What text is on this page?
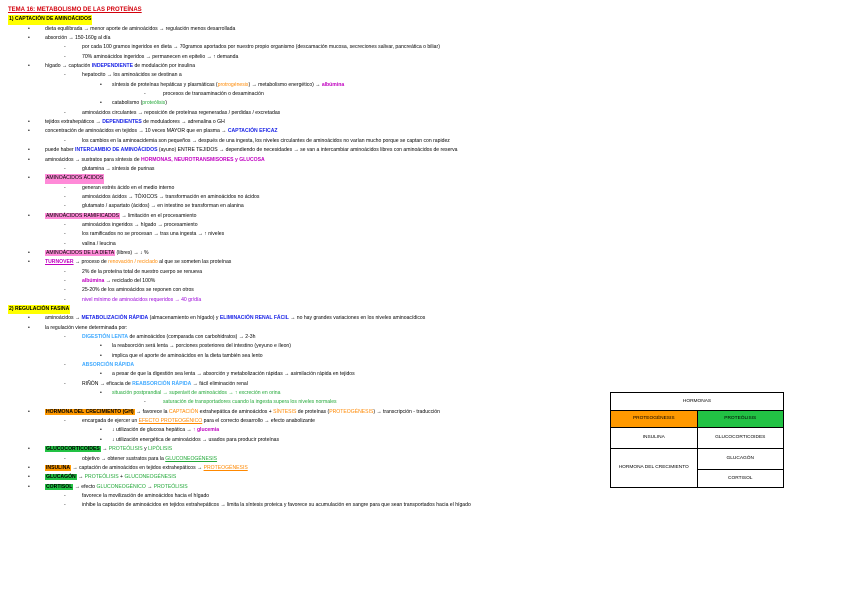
TEMA 16: METABOLISMO DE LAS PROTEÍNAS
1) CAPTACIÓN DE AMINOÁCIDOS
•	dieta equilibrada → menor aporte de aminoácidos → regulación menos desarrollada
•	absorción → 150-160g al día
-	por cada 100 gramos ingeridos en dieta → 70gramos aportados por nuestro propio organismo (descamación mucosa, secreciones salivar, pancreática o biliar)
-	70% aminoácidos ingeridos → permanecen en epitelio → ↑ demanda
•	hígado → captación INDEPENDIENTE de modulación por insulina
-	hepatocito → los aminoácidos se destinan a
• síntesis de proteínas hepáticas y plasmáticas (protrogénesis) → metabolismo energético) → albúmina
-	procesos de transaminación o desaminación
• catabolismo (proteólisis)
-	aminoácidos circulantes → reposición de proteínas regeneradas / perdidas / excretadas
•	tejidos extrahepáticos → DEPENDIENTES de moduladores → adrenalina o GH
•	concentración de aminoácidos en tejidos → 10 veces MAYOR que en plasma → CAPTACIÓN EFICAZ
-	los cambios en la aminoacidemia son pequeños → después de una ingesta, los niveles circulantes de aminoácidos no varían mucho porque se captan con rapidez
•	puede haber INTERCAMBIO DE AMINOÁCIDOS (ayuno) ENTRE TEJIDOS → dependiendo de necesidades → se van a intercambiar aminoácidos libres con aminoácidos de reserva
•	aminoácidos → sustratos para síntesis de HORMONAS, NEUROTRANSMISORES y GLUCOSA
-	glutamina → síntesis de purinas
•	AMINOÁCIDOS ÁCIDOS
-	generan estrés ácido en el medio interno
-	aminoácidos ácidos → TÓXICOS → transformación en aminoácidos no ácidos
-	glutamato / aspartato (ácidos) → en intestino se transforman en alanina
•	AMINOÁCIDOS RAMIFICADOS → limitación en el procesamiento
-	aminoácidos ingeridos → hígado → procesamiento
-	los ramificados no se procesan → tras una ingesta → ↑ niveles
-	valina / leucina
•	AMINOÁCIDOS DE LA DIETA (libres) → ↓ %
•	TURNOVER → proceso de renovación / reciclado al que se someten las proteínas
-	2% de la proteína total de nuestro cuerpo se renueva
-	albúmina → reciclado del 100%
-	25-20% de los aminoácidos se reponen con otros
-	nivel mínimo de aminoácidos requeridos → 40 gr/día
2) REGULACIÓN FASINA
•	aminoácidos → METABOLIZACIÓN RÁPIDA (almacenamiento en hígado) y ELIMINACIÓN RENAL FÁCIL → no hay grandes variaciones en los niveles aminoacídicos
•	la regulación viene determinada por:
-	DIGESTIÓN LENTA de aminoácidos (comparada con carbohidratos) → 2-3h
• la reabsorción será lenta → porciones posteriores del intestino (yeyuno e íleon)
• implica que el aporte de aminoácidos en la dieta también sea lento
-	ABSORCIÓN RÁPIDA
• a pesar de que la digestión sea lenta → absorción y metabolización rápidas → asimilación rápida en tejidos
-	RIÑÓN → eficacia de REABSORCIÓN RÁPIDA → fácil eliminación renal
• situación postprandial → superávit de aminoácidos → ↑ excreción en orina
-	saturación de transportadores cuando la ingesta supera los niveles normales
•	HORMONA DEL CRECIMIENTO (GH) → favorece la CAPTACIÓN extrahepática de aminoácidos + SÍNTESIS de proteínas (PROTEOGÉNESIS) → transcripción - traducción
-	encargada de ejercer un EFECTO PROTEOGÉNICO para el correcto desarrollo → efecto anabolizante
• ↓ utilización de glucosa hepática → ↑ glucemia
• ↓ utilización energética de aminoácidos → usados para producir proteínas
•	GLUCOCORTICOIDES → PROTEÓLISIS y LIPÓLISIS
-	objetivo → obtener sustratos para la GLUCONEOGÉNESIS
•	INSULINA → captación de aminoácidos en tejidos extrahepáticos → PROTEOGÉNESIS
•	GLUCAGÓN → PROTEÓLISIS + GLUCONEOGÉNESIS
•	CORTISOL → efecto GLUCONEOGÉNICO → PROTEÓLISIS
-	favorece la movilización de aminoácidos hacia el hígado
-	inhibe la captación de aminoácidos en tejidos extrahepáticos → limita la síntesis proteica y favorece su acumulación en sangre para que sean transportados hacia el hígado
HORMONAS	
PROTEOGÉNESIS	PROTEÓLISIS
INSULINA	GLUCOCORTICOIDES
HORMONA DEL CRECIMIENTO	GLUCAGÓN
	CORTISOL
